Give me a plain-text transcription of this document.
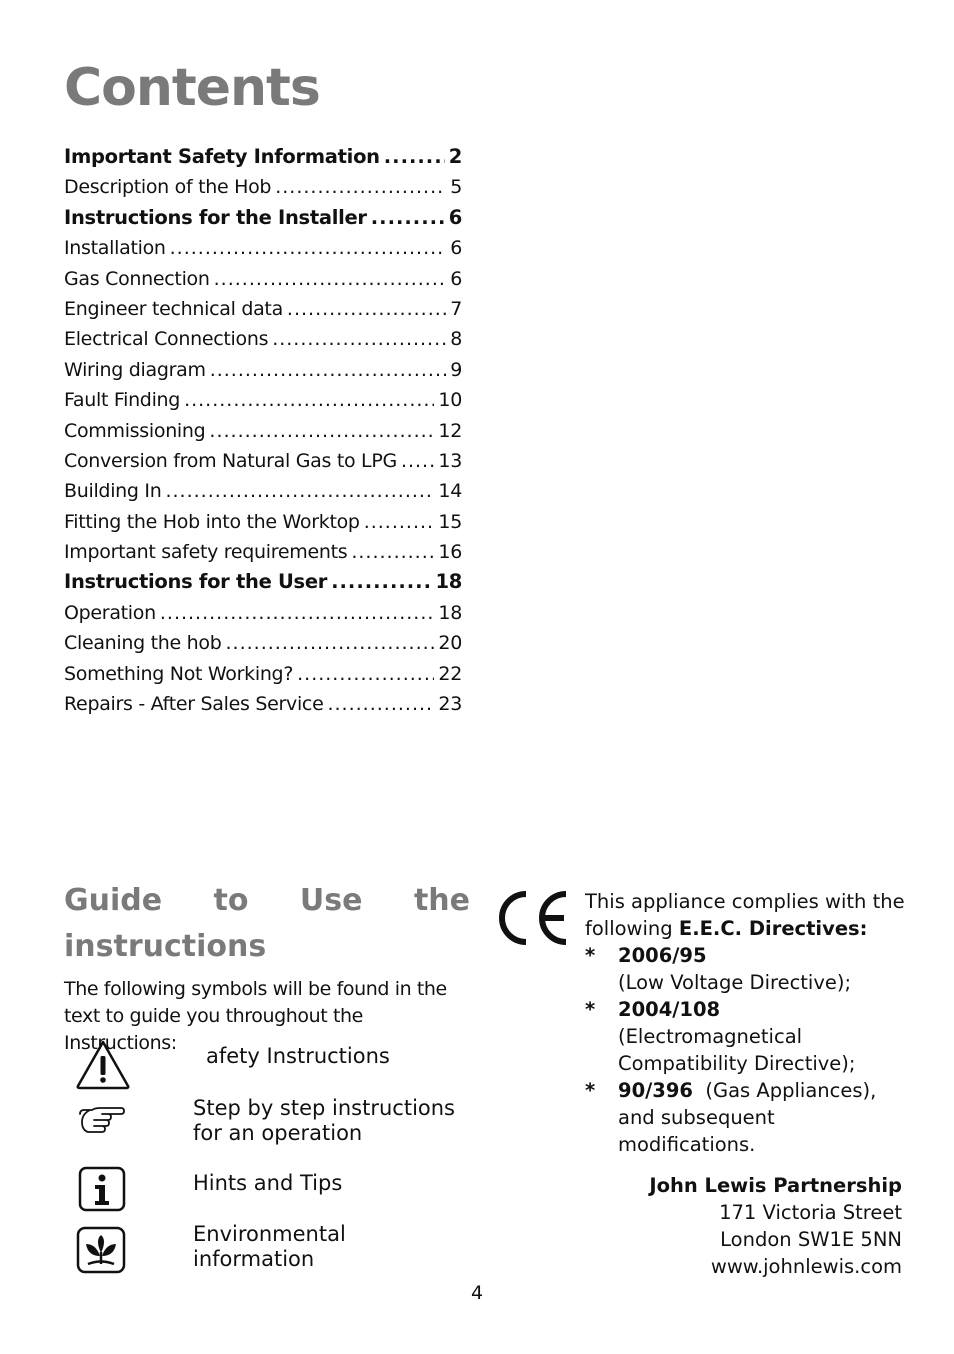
Contents
Important Safety Information .....	2
Description of the Hob .....	5
Instructions for the Installer .....	6
Installation .....	6
Gas Connection .....	6
Engineer technical data .....	7
Electrical Connections .....	8
Wiring diagram .....	9
Fault Finding .....	10
Commissioning .....	12
Conversion from Natural Gas to LPG ..... 13
Building In .....	14
Fitting the Hob into the Worktop .....	15
Important safety requirements .....	16
Instructions for the User .....	18
Operation .....	18
Cleaning the hob .....	20
Something Not Working? .....	22
Repairs - After Sales Service .....	23
Guide to Use the instructions
The following symbols will be found in the text to guide you throughout the Instructions:
afety Instructions
Step by step instructions for an operation
Hints and Tips
Environmental information
This appliance complies with the following E.E.C. Directives:
* 2006/95
(Low Voltage Directive);
* 2004/108  (Electromagnetical Compatibility Directive);
* 90/396 (Gas Appliances),
and subsequent modifications.
John Lewis Partnership
171 Victoria Street
London SW1E 5NN
www.johnlewis.com
4
